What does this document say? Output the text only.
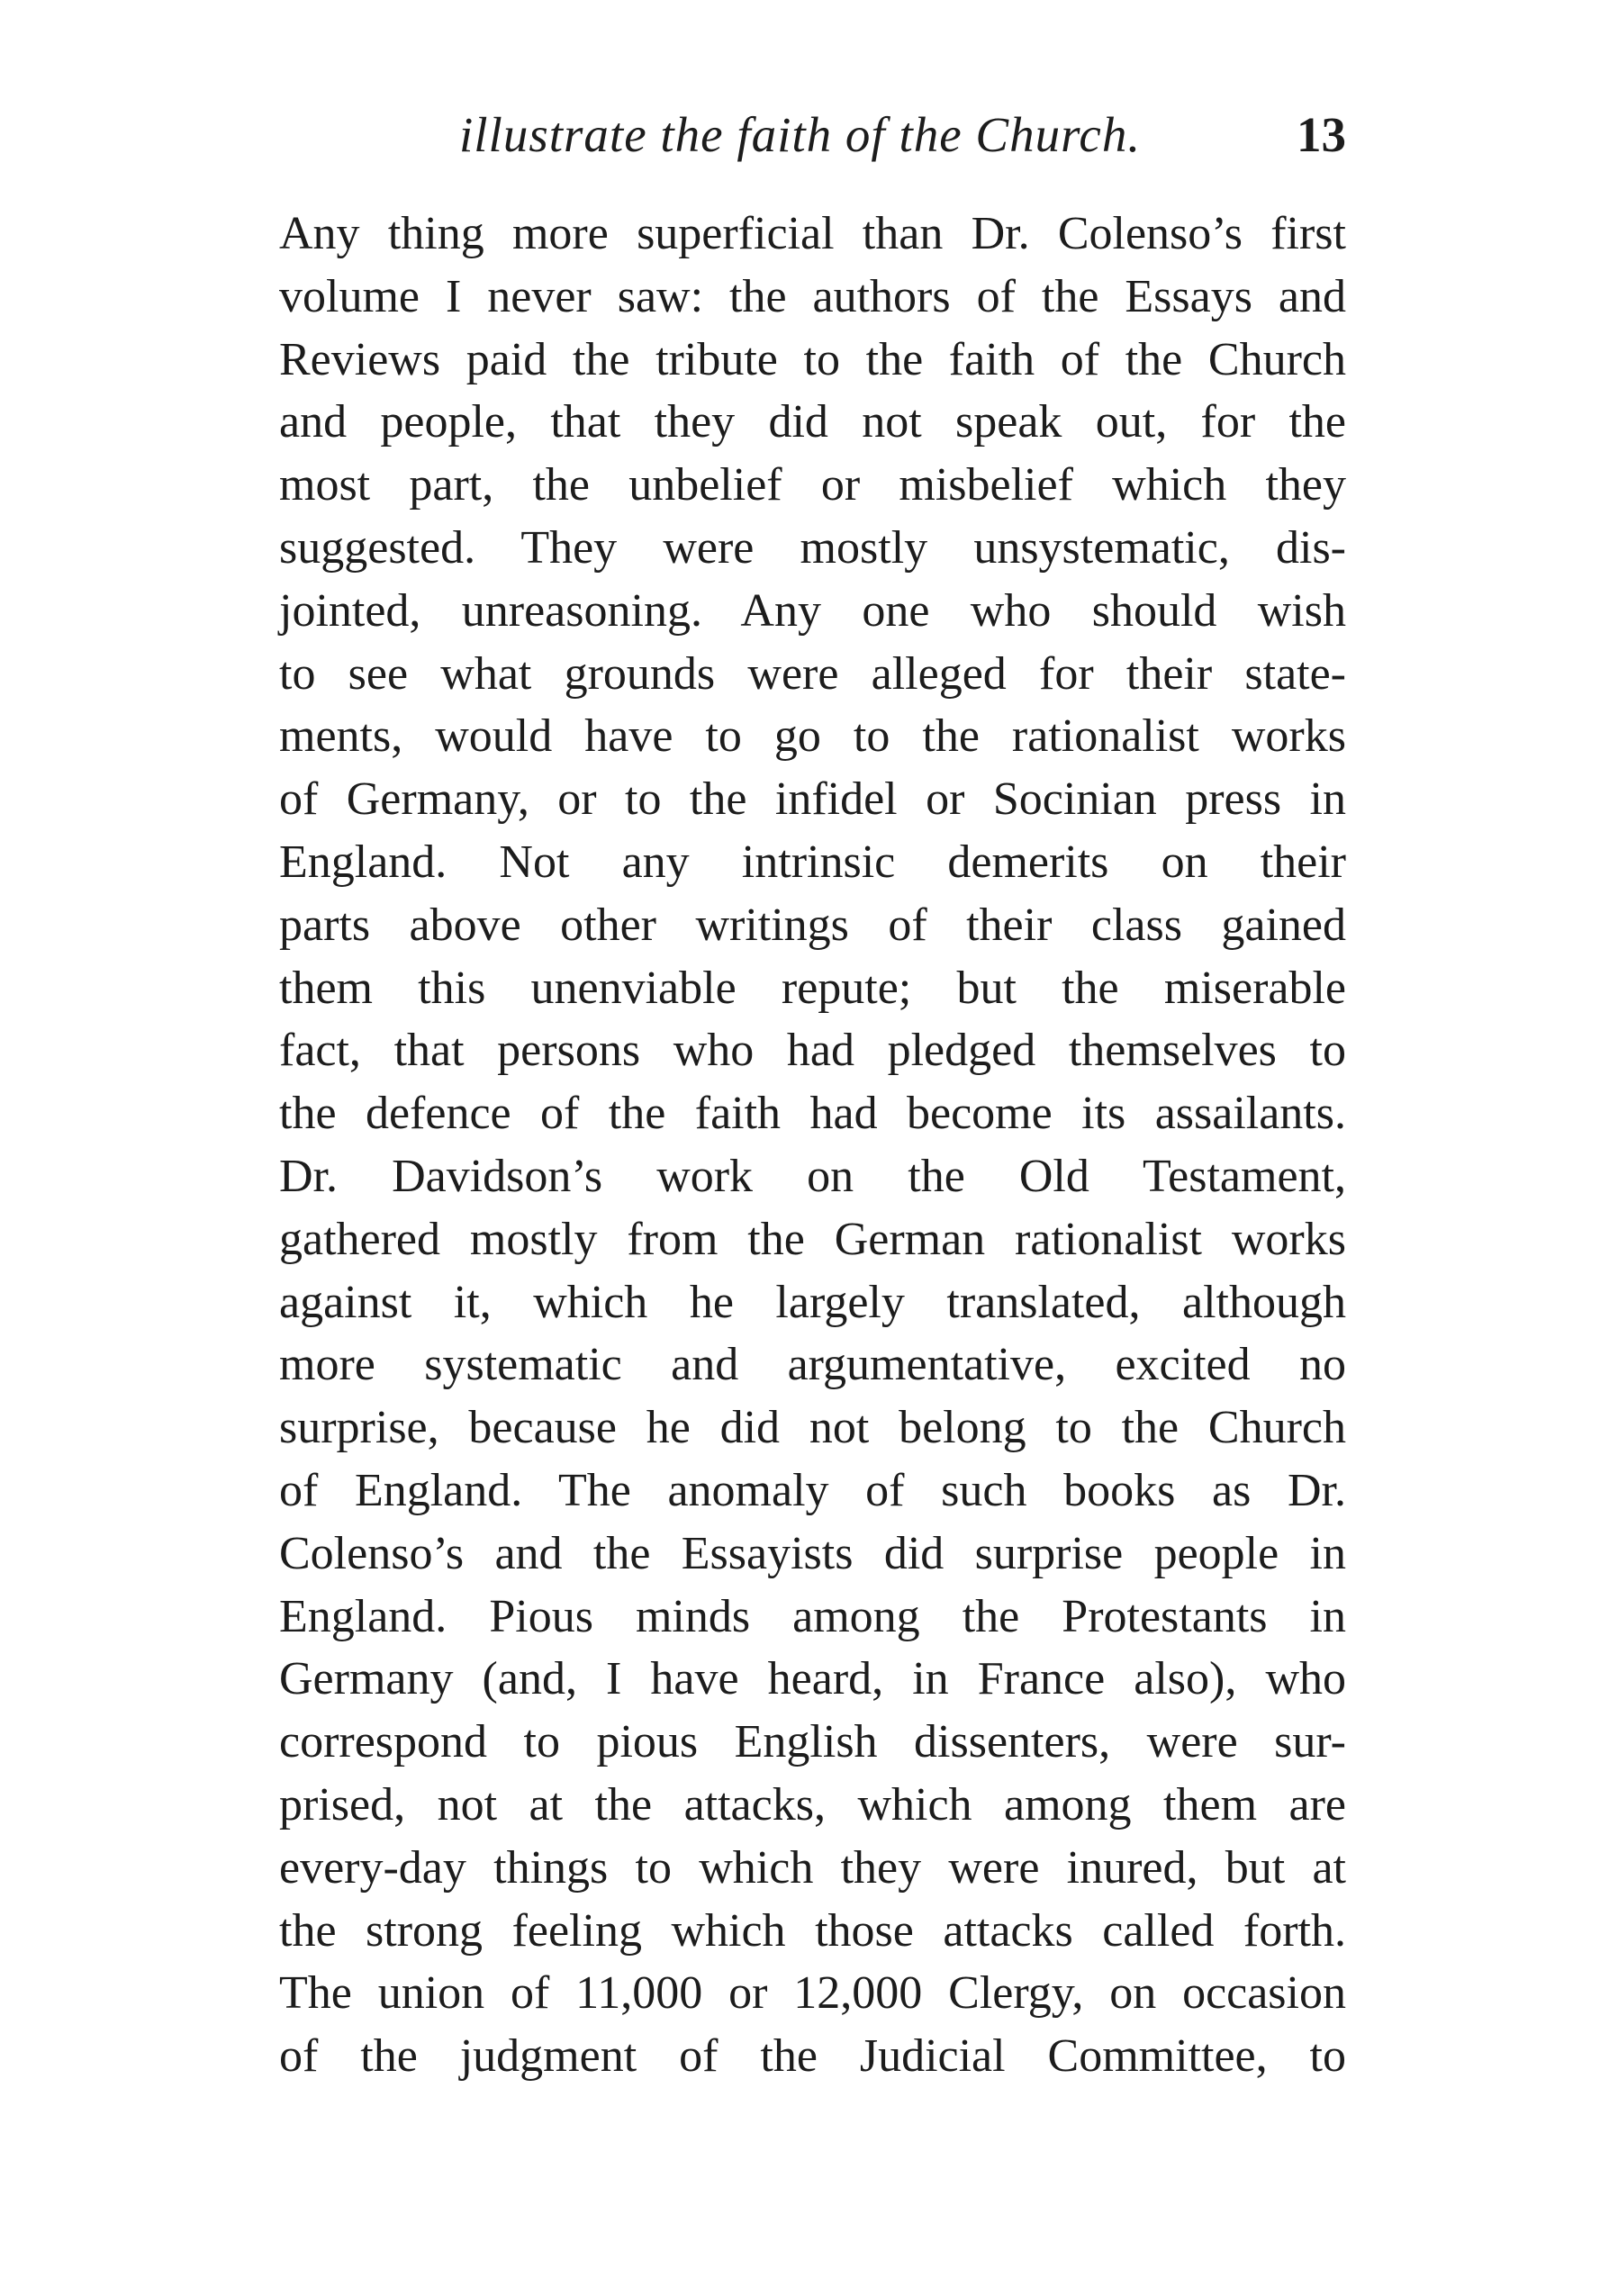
illustrate the faith of the Church.	13
Any thing more superficial than Dr. Colenso’s first
volume I never saw: the authors of the Essays and
Reviews paid the tribute to the faith of the Church
and people, that they did not speak out, for the
most part, the unbelief or misbelief which they
suggested. They were mostly unsystematic, dis-
jointed, unreasoning. Any one who should wish
to see what grounds were alleged for their state-
ments, would have to go to the rationalist works
of Germany, or to the infidel or Socinian press in
England. Not any intrinsic demerits on their
parts above other writings of their class gained
them this unenviable repute; but the miserable
fact, that persons who had pledged themselves to
the defence of the faith had become its assailants.
Dr. Davidson’s work on the Old Testament,
gathered mostly from the German rationalist works
against it, which he largely translated, although
more systematic and argumentative, excited no
surprise, because he did not belong to the Church
of England. The anomaly of such books as Dr.
Colenso’s and the Essayists did surprise people in
England. Pious minds among the Protestants in
Germany (and, I have heard, in France also), who
correspond to pious English dissenters, were sur-
prised, not at the attacks, which among them are
every-day things to which they were inured, but at
the strong feeling which those attacks called forth.
The union of 11,000 or 12,000 Clergy, on occasion
of the judgment of the Judicial Committee, to
